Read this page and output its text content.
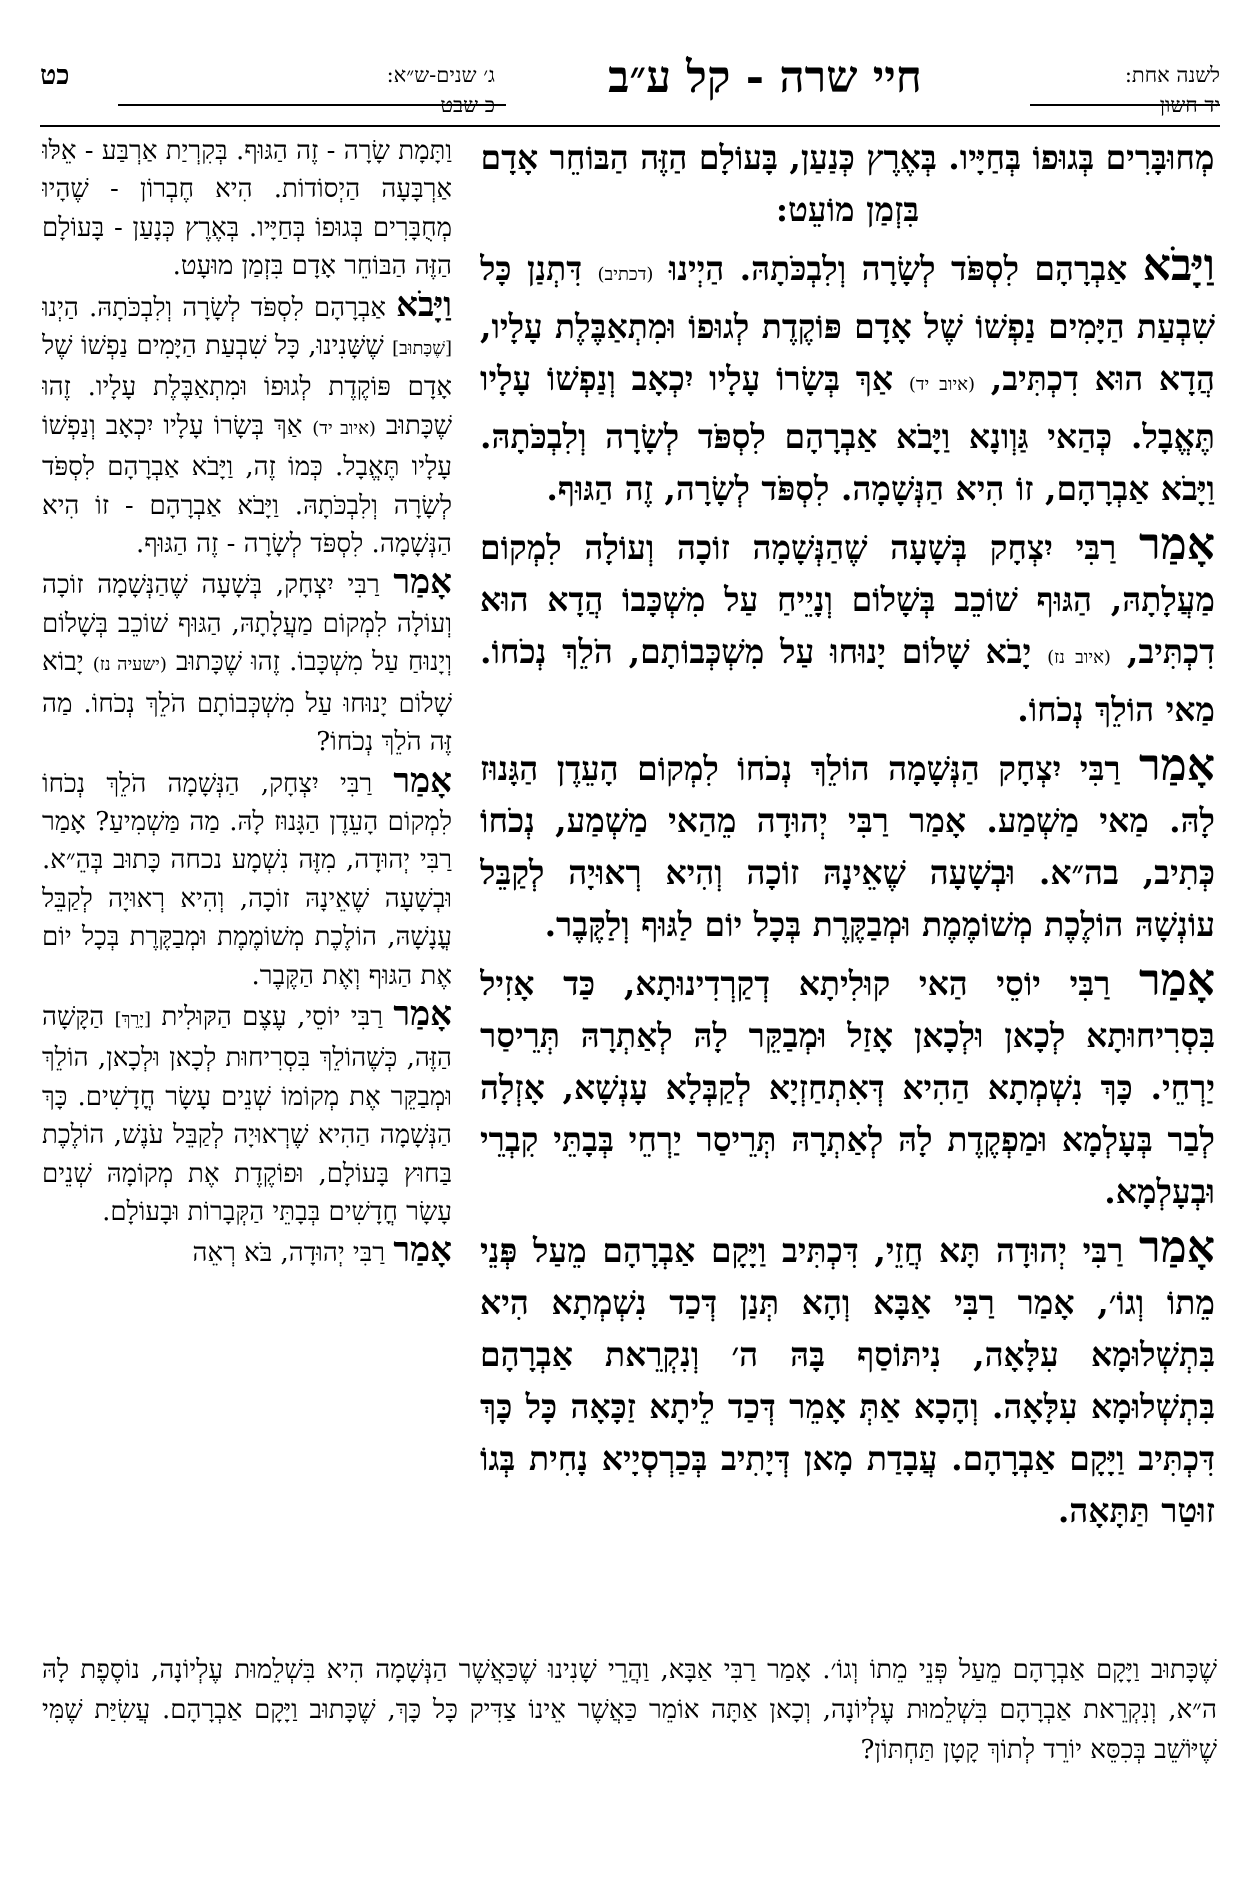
כט	ג׳ שנים-ש״א:
כ שבט
חיי שרה - קל ע״ב	לשנה אחת:
יד חשון

מְחוּבָּרִים בְּגוּפוֹ בְּחַיָּיו. בְּאֶרֶץ כְּנַעַן, בָּעוֹלָם הַזֶּה הַבּוֹחֵר אָדָם בִּזְמַן מוֹעֵט:

וַיָּבֹא אַבְרָהָם לִסְפֹּד לְשָׂרָה וְלִבְכֹּתָהּ. הַיְינוּ (דכתיב) דִּתְנַן כָּל שִׁבְעַת הַיָּמִים נַפְשׁוֹ שֶׁל אָדָם פּוֹקֶדֶת לְגוּפוֹ וּמִתְאַבֶּלֶת עָלָיו, הֲדָא הוּא דִכְתִּיב, (איוב יד) אַךְ בְּשָׂרוֹ עָלָיו יִכְאָב וְנַפְשׁוֹ עָלָיו תֶּאֱבָל. כְּהַאי גַּוְונָא וַיָּבֹא אַבְרָהָם לִסְפֹּד לְשָׂרָה וְלִבְכֹּתָהּ. וַיָּבֹא אַבְרָהָם, זוֹ הִיא הַנְּשָׁמָה. לִסְפֹּד לְשָׂרָה, זֶה הַגּוּף.

אָמַר רַבִּי יִצְחָק בְּשָׁעָה שֶׁהַנְּשָׁמָה זוֹכָה וְעוֹלָה לִמְקוֹם מַעֲלָתָהּ, הַגּוּף שׁוֹכֵב בְּשָׁלוֹם וְנָיֵיחַ עַל מִשְׁכָּבוֹ הֲדָא הוּא דִכְתִּיב, (איוב נז) יָבֹא שָׁלוֹם יָנוּחוּ עַל מִשְׁכְּבוֹתָם, הֹלֵךְ נְכֹחוֹ. מַאי הוֹלֵךְ נְכֹחוֹ.

אָמַר רַבִּי יִצְחָק הַנְּשָׁמָה הוֹלֵךְ נְכֹחוֹ לִמְקוֹם הָעֵדֶן הַגָּנוּז לָהּ. מַאי מַשְׁמַע. אָמַר רַבִּי יְהוּדָה מֵהַאי מַשְׁמַע, נְכֹחוֹ כְּתִיב, בה״א. וּבְשָׁעָה שֶׁאֵינָהּ זוֹכָה וְהִיא רְאוּיָה לְקַבֵּל עוֹנְשָׁהּ הוֹלֶכֶת מְשׁוֹמֶמֶת וּמְבַקֶּרֶת בְּכָל יוֹם לַגּוּף וְלַקֶּבֶר.

אָמַר רַבִּי יוֹסֵי הַאי קוּלִיתָא דְקַרְדִינוּתָא, כַּד אָזִיל בִּסְרִיחוּתָא לְכָאן וּלְכָאן אָזַל וּמְבַקֵּר לָהּ לְאַתְרָהּ תְּרֵיסַר יַרְחֵי. כָּךְ נִשְׁמְתָא הַהִיא דְּאִתְחַזְיָא לְקַבְּלָא עָנְשָׁא, אָזְלָה לְבַר בְּעָלְמָא וּמַפְקֶדֶת לָהּ לְאַתְרָהּ תְּרֵיסַר יַרְחֵי בְּבָתֵּי קִבְרֵי וּבְעָלְמָא.

אָמַר רַבִּי יְהוּדָה תָּא חֲזֵי, דִּכְתִּיב וַיָּקָם אַבְרָהָם מֵעַל פְּנֵי מֵתוֹ וְגוֹ׳, אָמַר רַבִּי אַבָּא וְהָא תְּנַן דְּכַד נִשְׁמְתָא הִיא בִּתְשְׁלוּמָא עִלָּאָה, נִיתּוֹסַף בָּהּ ה׳ וְנִקְרֵאת אַבְרָהָם בִּתְשְׁלוּמָא עִלָּאָה. וְהָכָא אַתְּ אָמֵר דְּכַד לֵיתָא זַכָּאָה כָּל כָּךְ דִּכְתִּיב וַיָּקָם אַבְרָהָם. עֲבָדַת מָאן דְּיָתִיב בְּכַרְסְיָיא נָחִית בְּגוֹ זוּטַר תַּתָּאָה.

וַתָּמָת שָׂרָה - זֶה הַגּוּף. בְּקִרְיַת אַרְבַּע - אֵלּוּ אַרְבָּעָה הַיְסוֹדוֹת. הִיא חֶבְרוֹן - שֶׁהָיוּ מְחֻבָּרִים בְּגוּפוֹ בְּחַיָּיו. בְּאֶרֶץ כְּנָעַן - בָּעוֹלָם הַזֶּה הַבּוֹחֵר אָדָם בִּזְמַן מוּעָט.

וַיָּבֹא אַבְרָהָם לִסְפֹּד לְשָׂרָה וְלִבְכֹּתָהּ. הַיְנוּ [שֶׁכָּתוּב] שֶׁשָּׁנִינוּ, כָּל שִׁבְעַת הַיָּמִים נַפְשׁוֹ שֶׁל אָדָם פּוֹקֶדֶת לְגוּפוֹ וּמִתְאַבֶּלֶת עָלָיו. זֶהוּ שֶׁכָּתוּב (איוב יד) אַךְ בְּשָׂרוֹ עָלָיו יִכְאָב וְנַפְשׁוֹ עָלָיו תֶּאֱבָל. כְּמוֹ זֶה, וַיָּבֹא אַבְרָהָם לִסְפֹּד לְשָׂרָה וְלִבְכֹּתָהּ. וַיָּבֹא אַבְרָהָם - זוֹ הִיא הַנְּשָׁמָה. לִסְפֹּד לְשָׂרָה - זֶה הַגּוּף.

אָמַר רַבִּי יִצְחָק, בְּשָׁעָה שֶׁהַנְּשָׁמָה זוֹכָה וְעוֹלָה לִמְקוֹם מַעֲלָתָהּ, הַגּוּף שׁוֹכֵב בְּשָׁלוֹם וְיָנוּחַ עַל מִשְׁכָּבוֹ. זֶהוּ שֶׁכָּתוּב (ישעיה נז) יָבוֹא שָׁלוֹם יָנוּחוּ עַל מִשְׁכְּבוֹתָם הֹלֵךְ נְכֹחוֹ. מַה זֶּה הֹלֵךְ נְכֹחוֹ?

אָמַר רַבִּי יִצְחָק, הַנְּשָׁמָה הֹלֵךְ נְכֹחוֹ לִמְקוֹם הָעֵדֶן הַגָּנוּז לָהּ. מַה מַּשְׁמִיעַ? אָמַר רַבִּי יְהוּדָה, מִזֶּה נִשְׁמָע נכחה כָּתוּב בְּהֵ״א. וּבְשָׁעָה שֶׁאֵינָהּ זוֹכָה, וְהִיא רְאוּיָה לְקַבֵּל עֳנָשָׁהּ, הוֹלֶכֶת מְשׁוֹמֶמֶת וּמְבַקֶּרֶת בְּכָל יוֹם אֶת הַגּוּף וְאֶת הַקֶּבֶר.

אָמַר רַבִּי יוֹסֵי, עֶצֶם הַקּוּלִית [יָרֵךְ] הַקָּשָׁה הַזֶּה, כְּשֶׁהוֹלֵךְ בִּסְרִיחוּת לְכָאן וּלְכָאן, הוֹלֵךְ וּמְבַקֵּר אֶת מְקוֹמוֹ שְׁנֵים עָשָׂר חֳדָשִׁים. כָּךְ הַנְּשָׁמָה הַהִיא שֶׁרְאוּיָה לְקַבֵּל עֹנֶשׁ, הוֹלֶכֶת בַּחוּץ בָּעוֹלָם, וּפוֹקֶדֶת אֶת מְקוֹמָהּ שְׁנֵים עָשָׂר חֳדָשִׁים בְּבָתֵּי הַקְּבָרוֹת וּבָעוֹלָם.

אָמַר רַבִּי יְהוּדָה, בֹּא רְאֵה

שֶׁכָּתוּב וַיָּקָם אַבְרָהָם מֵעַל פְּנֵי מֵתוֹ וְגוֹ׳. אָמַר רַבִּי אַבָּא, וַהֲרֵי שָׁנִינוּ שֶׁכַּאֲשֶׁר הַנְּשָׁמָה הִיא בִּשְׁלֵמוּת עֶלְיוֹנָה, נוֹסֶפֶת לָהּ ה״א, וְנִקְרֵאת אַבְרָהָם בִּשְׁלֵמוּת עֶלְיוֹנָה, וְכָאן אַתָּה אוֹמֵר כַּאֲשֶׁר אֵינוֹ צַדִּיק כָּל כָּךְ, שֶׁכָּתוּב וַיָּקָם אַבְרָהָם. עֲשִׂיַּת שֶׁמִּי שֶׁיּוֹשֵׁב בְּכִסֵּא יוֹרֵד לְתוֹךְ קָטָן תַּחְתּוֹן?
